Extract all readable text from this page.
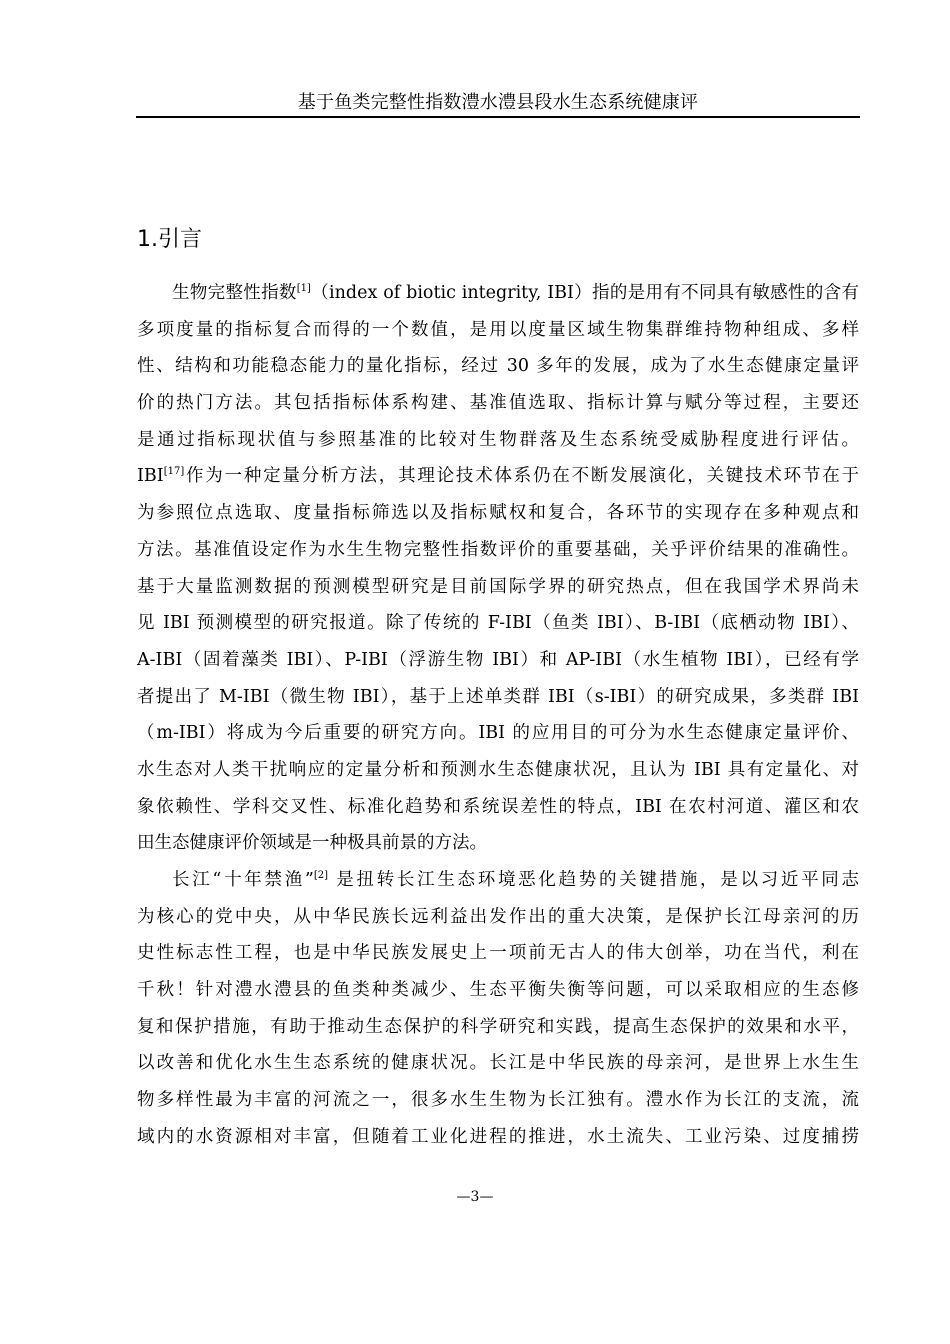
基于鱼类完整性指数澧水澧县段水生态系统健康评
1.引言
生物完整性指数[1]（index of biotic integrity, IBI）指的是用有不同具有敏感性的含有
多项度量的指标复合而得的一个数值，是用以度量区域生物集群维持物种组成、多样
性、结构和功能稳态能力的量化指标，经过 30 多年的发展，成为了水生态健康定量评
价的热门方法。其包括指标体系构建、基准值选取、指标计算与赋分等过程，主要还
是通过指标现状值与参照基准的比较对生物群落及生态系统受威胁程度进行评估。
IBI[17]作为一种定量分析方法，其理论技术体系仍在不断发展演化，关键技术环节在于
为参照位点选取、度量指标筛选以及指标赋权和复合，各环节的实现存在多种观点和
方法。基准值设定作为水生生物完整性指数评价的重要基础，关乎评价结果的准确性。
基于大量监测数据的预测模型研究是目前国际学界的研究热点，但在我国学术界尚未
见 IBI 预测模型的研究报道。除了传统的 F-IBI（鱼类 IBI）、B-IBI（底栖动物 IBI）、
A-IBI（固着藻类 IBI）、P-IBI（浮游生物 IBI）和 AP-IBI（水生植物 IBI），已经有学
者提出了 M-IBI（微生物 IBI），基于上述单类群 IBI（s-IBI）的研究成果，多类群 IBI
（m-IBI）将成为今后重要的研究方向。IBI 的应用目的可分为水生态健康定量评价、
水生态对人类干扰响应的定量分析和预测水生态健康状况，且认为 IBI 具有定量化、对
象依赖性、学科交叉性、标准化趋势和系统误差性的特点，IBI 在农村河道、灌区和农
田生态健康评价领域是一种极具前景的方法。
长江“十年禁渔”[2] 是扭转长江生态环境恶化趋势的关键措施，是以习近平同志
为核心的党中央，从中华民族长远利益出发作出的重大决策，是保护长江母亲河的历
史性标志性工程，也是中华民族发展史上一项前无古人的伟大创举，功在当代，利在
千秋！针对澧水澧县的鱼类种类减少、生态平衡失衡等问题，可以采取相应的生态修
复和保护措施，有助于推动生态保护的科学研究和实践，提高生态保护的效果和水平，
以改善和优化水生生态系统的健康状况。长江是中华民族的母亲河，是世界上水生生
物多样性最为丰富的河流之一，很多水生生物为长江独有。澧水作为长江的支流，流
域内的水资源相对丰富，但随着工业化进程的推进，水土流失、工业污染、过度捕捞
—3—
